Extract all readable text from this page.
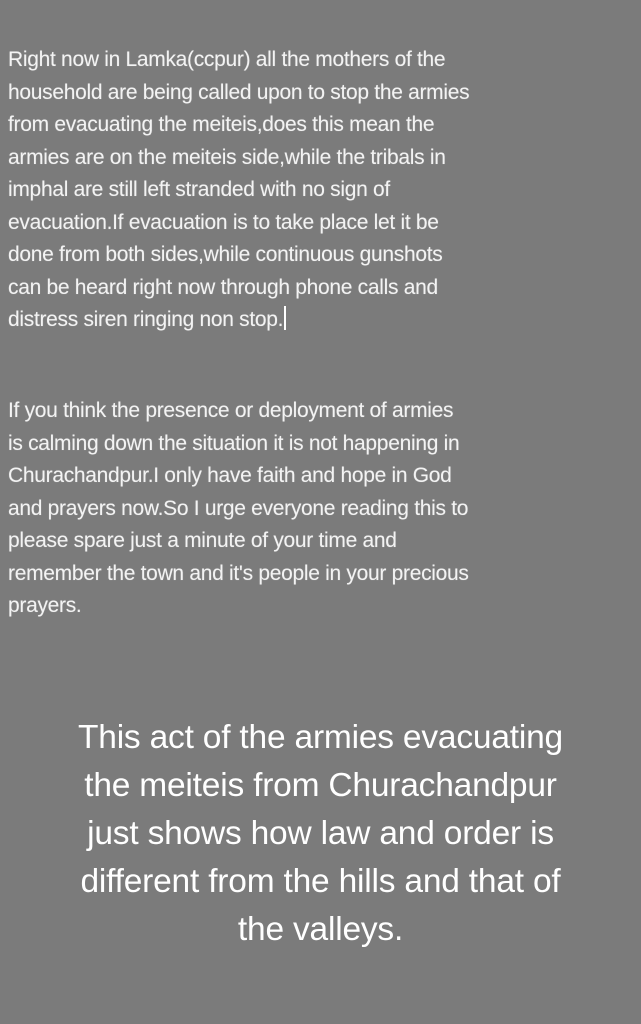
Right now in Lamka(ccpur) all the mothers of the
household are being called upon to stop the armies
from evacuating the meiteis,does this mean the
armies are on the meiteis side,while the tribals in
imphal are still left stranded with no sign of
evacuation.If evacuation is to take place let it be
done from both sides,while continuous gunshots
can be heard right now through phone calls and
distress siren ringing non stop.
If you think the presence or deployment of armies
is calming down the situation it is not happening in
Churachandpur.I only have faith and hope in God
and prayers now.So I urge everyone reading this to
please spare just a minute of your time and
remember the town and it's people in your precious
prayers.
This act of the armies evacuating
the meiteis from Churachandpur
just shows how law and order is
different from the hills and that of
the valleys.
